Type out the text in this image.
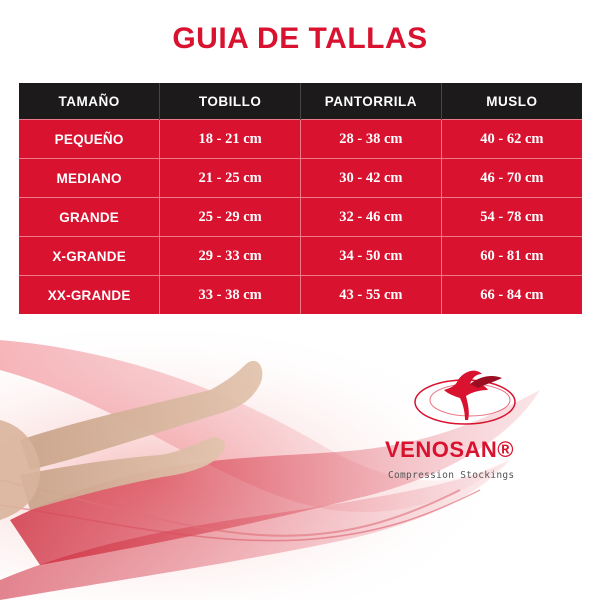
GUIA DE TALLAS
TAMAÑO	TOBILLO	PANTORRILA	MUSLO
PEQUEÑO	18 - 21 cm	28 - 38 cm	40 - 62 cm
MEDIANO	21 - 25 cm	30 - 42 cm	46 - 70 cm
GRANDE	25 - 29 cm	32 - 46 cm	54 - 78 cm
X-GRANDE	29 - 33 cm	34 - 50 cm	60 - 81 cm
XX-GRANDE	33 - 38 cm	43 - 55 cm	66 - 84 cm
VENOSAN®
Compression Stockings
